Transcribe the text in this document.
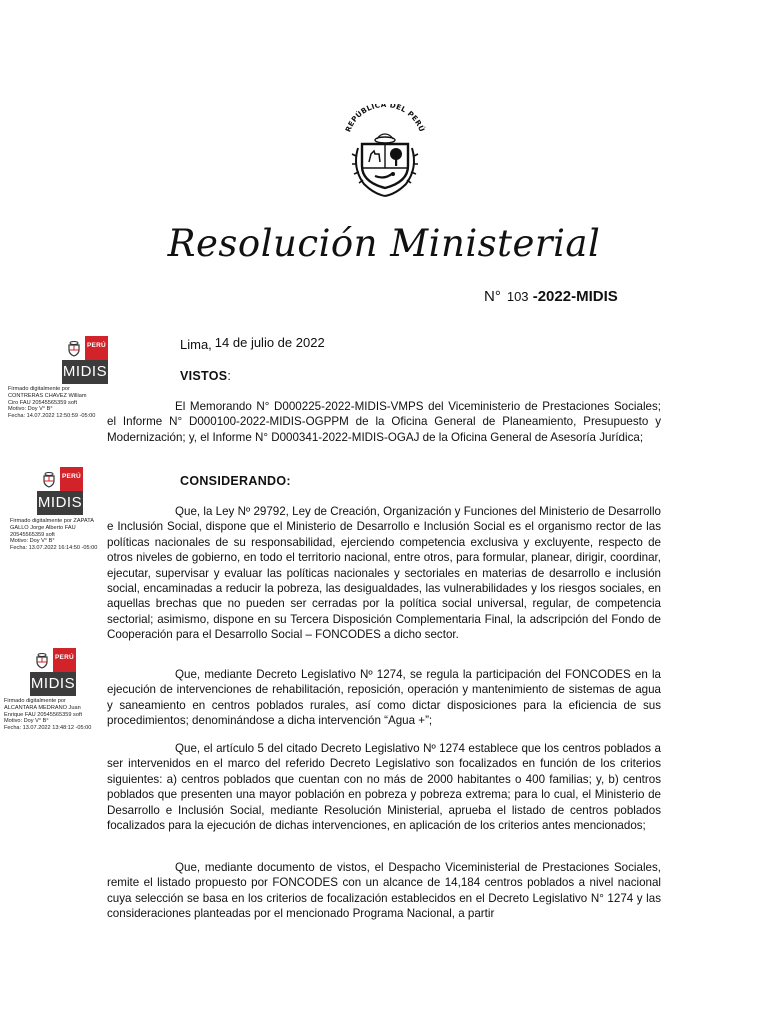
REPÚBLICA DEL PERÚ
Resolución Ministerial
N° 103 -2022-MIDIS
Lima, 14 de julio de 2022
PERÚ
MIDIS
Firmado digitalmente por
CONTRERAS CHAVEZ William
Ciro FAU 20545565359 soft
Motivo: Doy V° B°
Fecha: 14.07.2022 12:50:59 -05:00
PERÚ
MIDIS
Firmado digitalmente por ZAPATA
GALLO Jorge Alberto FAU
20545565359 soft
Motivo: Doy V° B°
Fecha: 13.07.2022 16:14:50 -05:00
PERÚ
MIDIS
Firmado digitalmente por
ALCANTARA MEDRANO Juan
Enrique FAU 20545565359 soft
Motivo: Doy V° B°
Fecha: 13.07.2022 13:48:12 -05:00
VISTOS:
El Memorando N° D000225-2022-MIDIS-VMPS del Viceministerio de Prestaciones Sociales; el Informe N° D000100-2022-MIDIS-OGPPM de la Oficina General de Planeamiento, Presupuesto y Modernización; y, el Informe N° D000341-2022-MIDIS-OGAJ de la Oficina General de Asesoría Jurídica;
CONSIDERANDO:
Que, la Ley Nº 29792, Ley de Creación, Organización y Funciones del Ministerio de Desarrollo e Inclusión Social, dispone que el Ministerio de Desarrollo e Inclusión Social es el organismo rector de las políticas nacionales de su responsabilidad, ejerciendo competencia exclusiva y excluyente, respecto de otros niveles de gobierno, en todo el territorio nacional, entre otros, para formular, planear, dirigir, coordinar, ejecutar, supervisar y evaluar las políticas nacionales y sectoriales en materias de desarrollo e inclusión social, encaminadas a reducir la pobreza, las desigualdades, las vulnerabilidades y los riesgos sociales, en aquellas brechas que no pueden ser cerradas por la política social universal, regular, de competencia sectorial; asimismo, dispone en su Tercera Disposición Complementaria Final, la adscripción del Fondo de Cooperación para el Desarrollo Social – FONCODES a dicho sector.
Que, mediante Decreto Legislativo Nº 1274, se regula la participación del FONCODES en la ejecución de intervenciones de rehabilitación, reposición, operación y mantenimiento de sistemas de agua y saneamiento en centros poblados rurales, así como dictar disposiciones para la eficiencia de sus procedimientos; denominándose a dicha intervención “Agua +”;
Que, el artículo 5 del citado Decreto Legislativo Nº 1274 establece que los centros poblados a ser intervenidos en el marco del referido Decreto Legislativo son focalizados en función de los criterios siguientes: a) centros poblados que cuentan con no más de 2000 habitantes o 400 familias; y, b) centros poblados que presenten una mayor población en pobreza y pobreza extrema; para lo cual, el Ministerio de Desarrollo e Inclusión Social, mediante Resolución Ministerial, aprueba el listado de centros poblados focalizados para la ejecución de dichas intervenciones, en aplicación de los criterios antes mencionados;
Que, mediante documento de vistos, el Despacho Viceministerial de Prestaciones Sociales, remite el listado propuesto por FONCODES con un alcance de 14,184 centros poblados a nivel nacional cuya selección se basa en los criterios de focalización establecidos en el Decreto Legislativo N° 1274 y las consideraciones planteadas por el mencionado Programa Nacional, a partir
